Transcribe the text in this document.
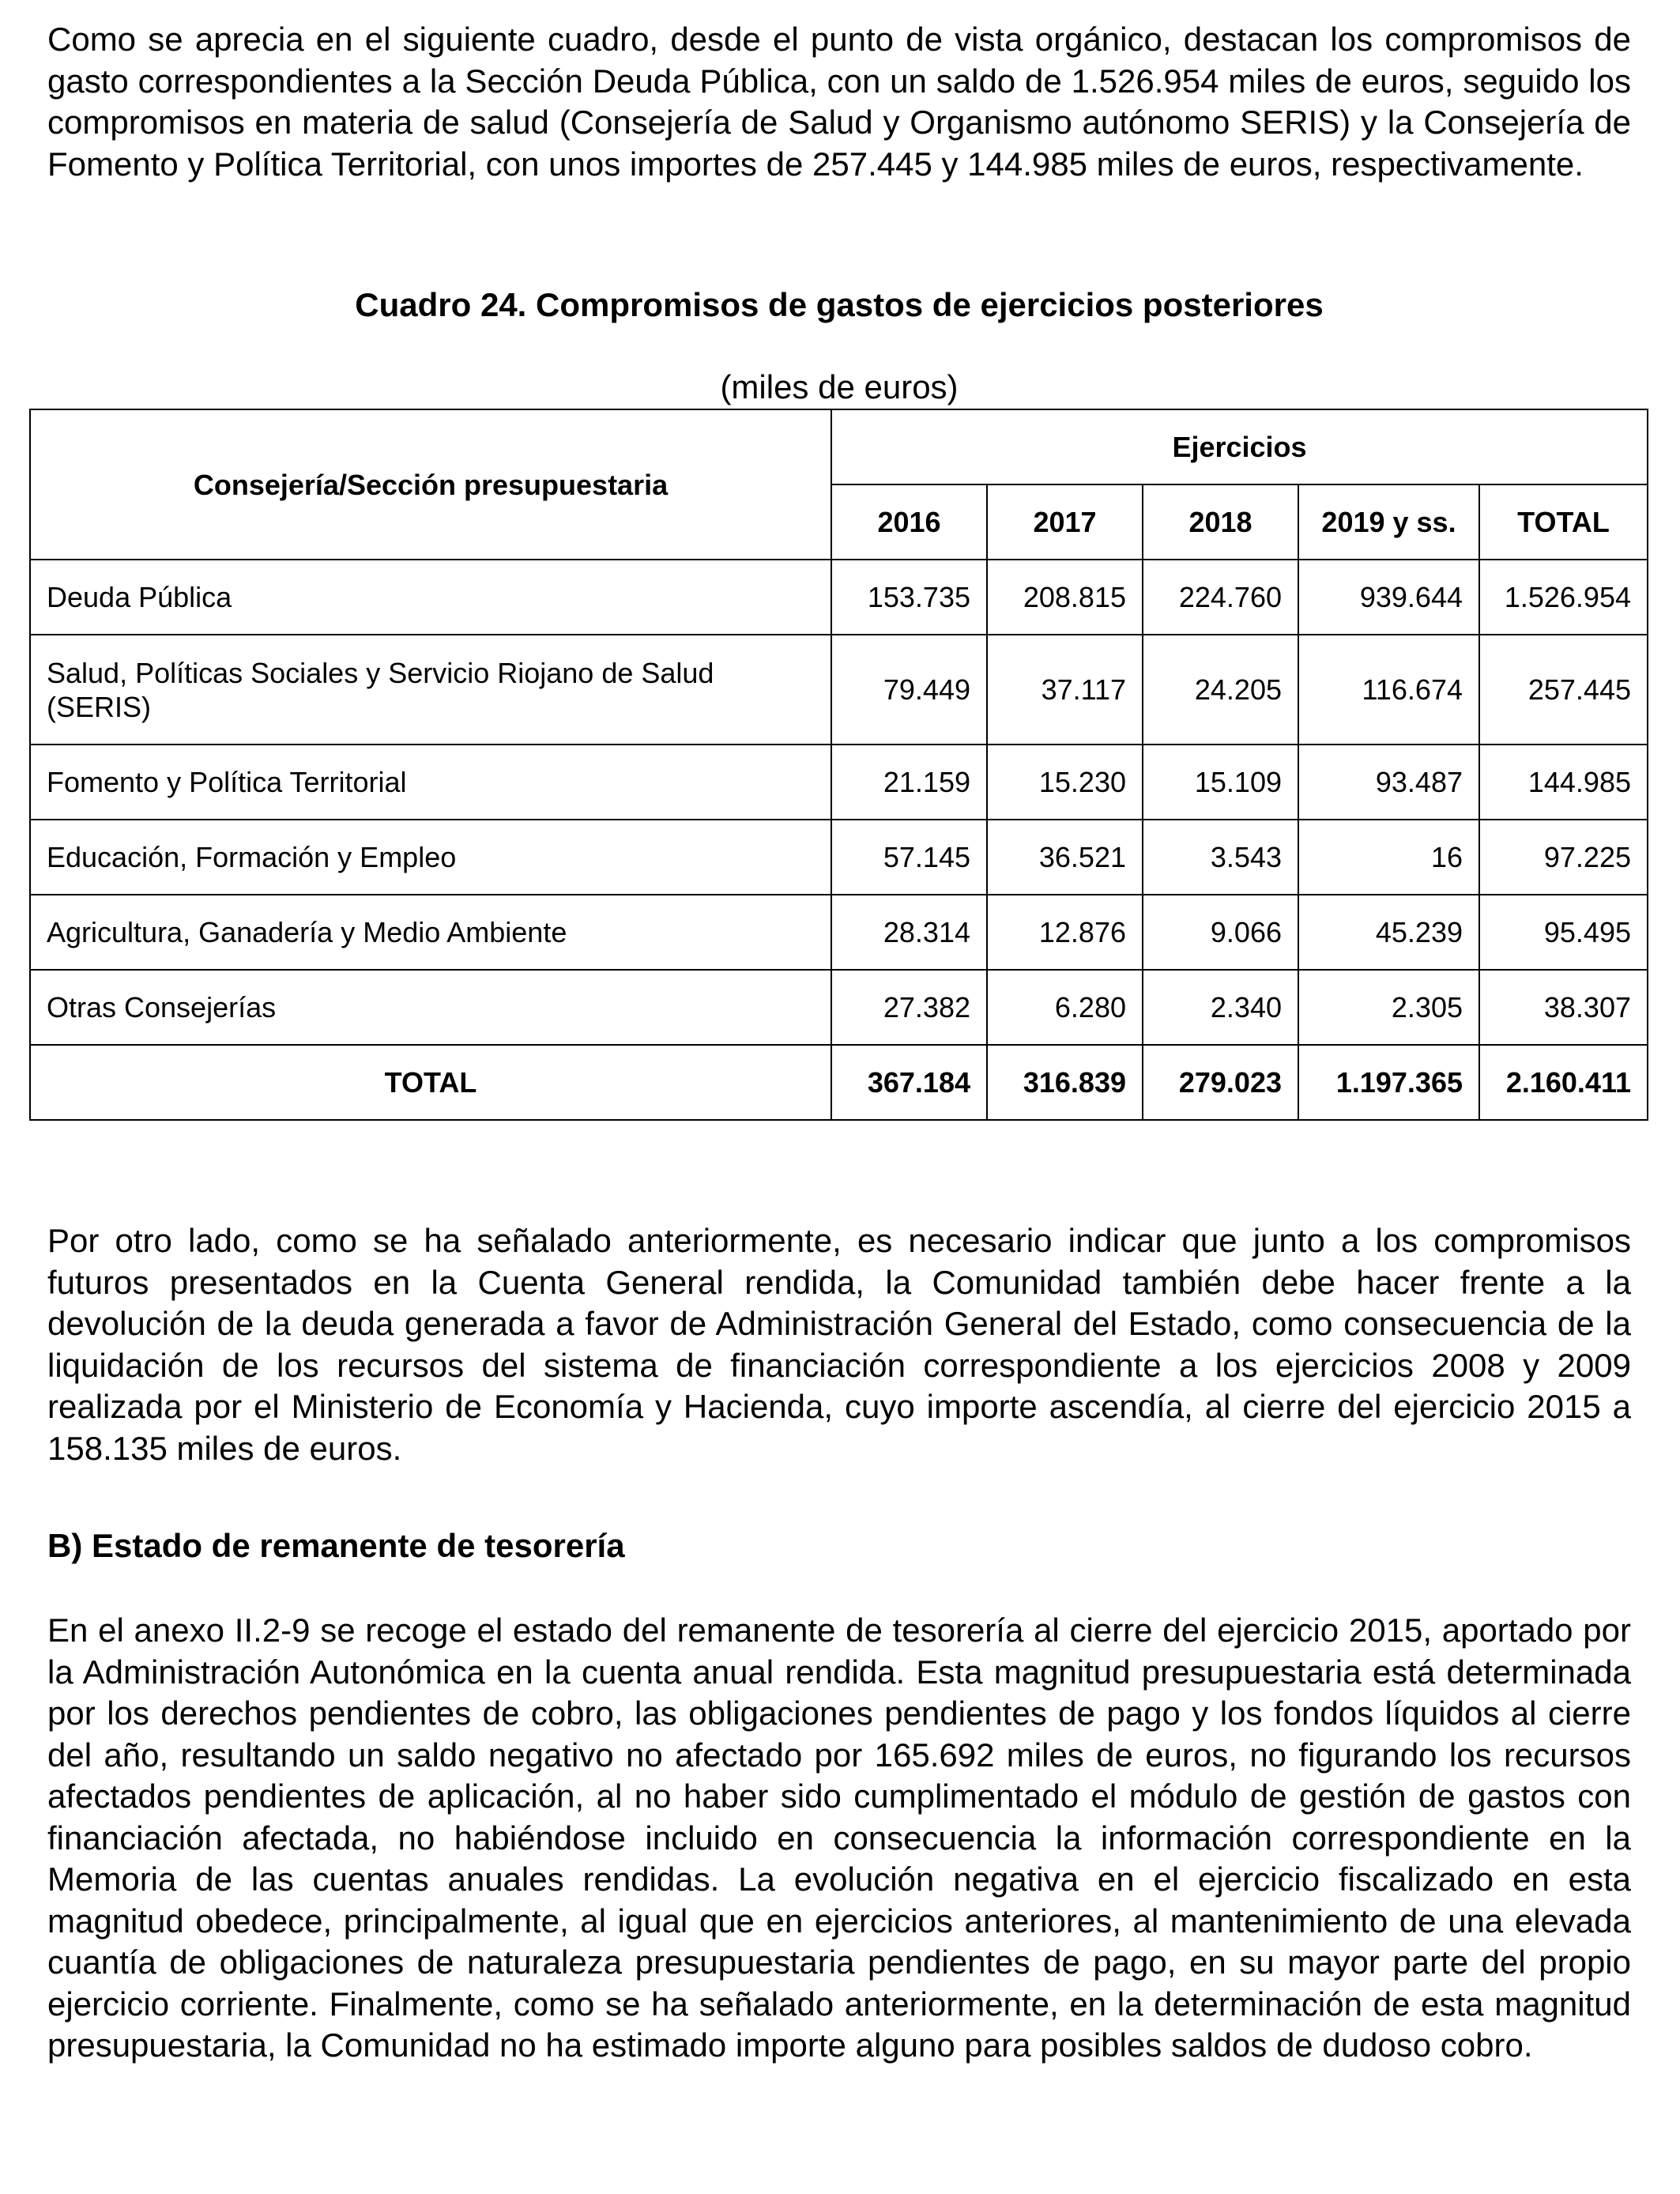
Como se aprecia en el siguiente cuadro, desde el punto de vista orgánico, destacan los compromisos de gasto correspondientes a la Sección Deuda Pública, con un saldo de 1.526.954 miles de euros, seguido los compromisos en materia de salud (Consejería de Salud y Organismo autónomo SERIS) y la Consejería de Fomento y Política Territorial, con unos importes de 257.445 y 144.985 miles de euros, respectivamente.

Cuadro 24. Compromisos de gastos de ejercicios posteriores
(miles de euros)
Consejería/Sección presupuestaria	Ejercicios				
	2016	2017	2018	2019 y ss.	TOTAL
Deuda Pública	153.735	208.815	224.760	939.644	1.526.954
Salud, Políticas Sociales y Servicio Riojano de Salud (SERIS)	79.449	37.117	24.205	116.674	257.445
Fomento y Política Territorial	21.159	15.230	15.109	93.487	144.985
Educación, Formación y Empleo	57.145	36.521	3.543	16	97.225
Agricultura, Ganadería y Medio Ambiente	28.314	12.876	9.066	45.239	95.495
Otras Consejerías	27.382	6.280	2.340	2.305	38.307
TOTAL	367.184	316.839	279.023	1.197.365	2.160.411

Por otro lado, como se ha señalado anteriormente, es necesario indicar que junto a los compromisos futuros presentados en la Cuenta General rendida, la Comunidad también debe hacer frente a la devolución de la deuda generada a favor de Administración General del Estado, como consecuencia de la liquidación de los recursos del sistema de financiación correspondiente a los ejercicios 2008 y 2009 realizada por el Ministerio de Economía y Hacienda, cuyo importe ascendía, al cierre del ejercicio 2015 a 158.135 miles de euros.

B) Estado de remanente de tesorería

En el anexo II.2-9 se recoge el estado del remanente de tesorería al cierre del ejercicio 2015, aportado por la Administración Autonómica en la cuenta anual rendida. Esta magnitud presupuestaria está determinada por los derechos pendientes de cobro, las obligaciones pendientes de pago y los fondos líquidos al cierre del año, resultando un saldo negativo no afectado por 165.692 miles de euros, no figurando los recursos afectados pendientes de aplicación, al no haber sido cumplimentado el módulo de gestión de gastos con financiación afectada, no habiéndose incluido en consecuencia la información correspondiente en la Memoria de las cuentas anuales rendidas. La evolución negativa en el ejercicio fiscalizado en esta magnitud obedece, principalmente, al igual que en ejercicios anteriores, al mantenimiento de una elevada cuantía de obligaciones de naturaleza presupuestaria pendientes de pago, en su mayor parte del propio ejercicio corriente. Finalmente, como se ha señalado anteriormente, en la determinación de esta magnitud presupuestaria, la Comunidad no ha estimado importe alguno para posibles saldos de dudoso cobro.
